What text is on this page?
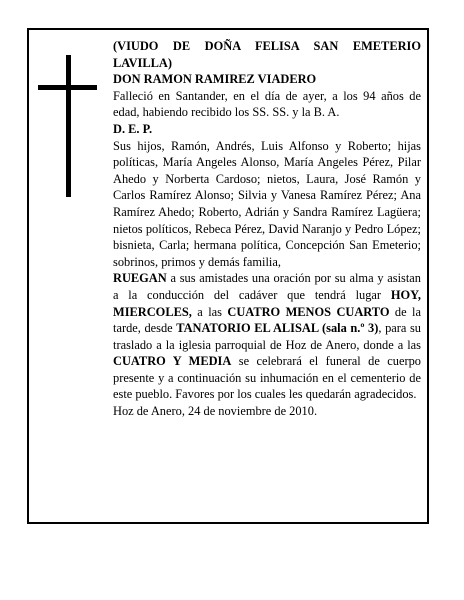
(VIUDO DE DOÑA FELISA SAN EMETERIO LAVILLA)

DON RAMON RAMIREZ VIADERO

Falleció en Santander, en el día de ayer, a los 94 años de edad, habiendo recibido los SS. SS. y la B. A.

D. E. P.

Sus hijos, Ramón, Andrés, Luis Alfonso y Roberto; hijas políticas, María Angeles Alonso, María Angeles Pérez, Pilar Ahedo y Norberta Cardoso; nietos, Laura, José Ramón y Carlos Ramírez Alonso; Silvia y Vanesa Ramírez Pérez; Ana Ramírez Ahedo; Roberto, Adrián y Sandra Ramírez Lagüera; nietos políticos, Rebeca Pérez, David Naranjo y Pedro López; bisnieta, Carla; hermana política, Concepción San Emeterio; sobrinos, primos y demás familia,

RUEGAN a sus amistades una oración por su alma y asistan a la conducción del cadáver que tendrá lugar HOY, MIERCOLES, a las CUATRO MENOS CUARTO de la tarde, desde TANATORIO EL ALISAL (sala n.º 3), para su traslado a la iglesia parroquial de Hoz de Anero, donde a las CUATRO Y MEDIA se celebrará el funeral de cuerpo presente y a continuación su inhumación en el cementerio de este pueblo. Favores por los cuales les quedarán agradecidos.

Hoz de Anero, 24 de noviembre de 2010.
